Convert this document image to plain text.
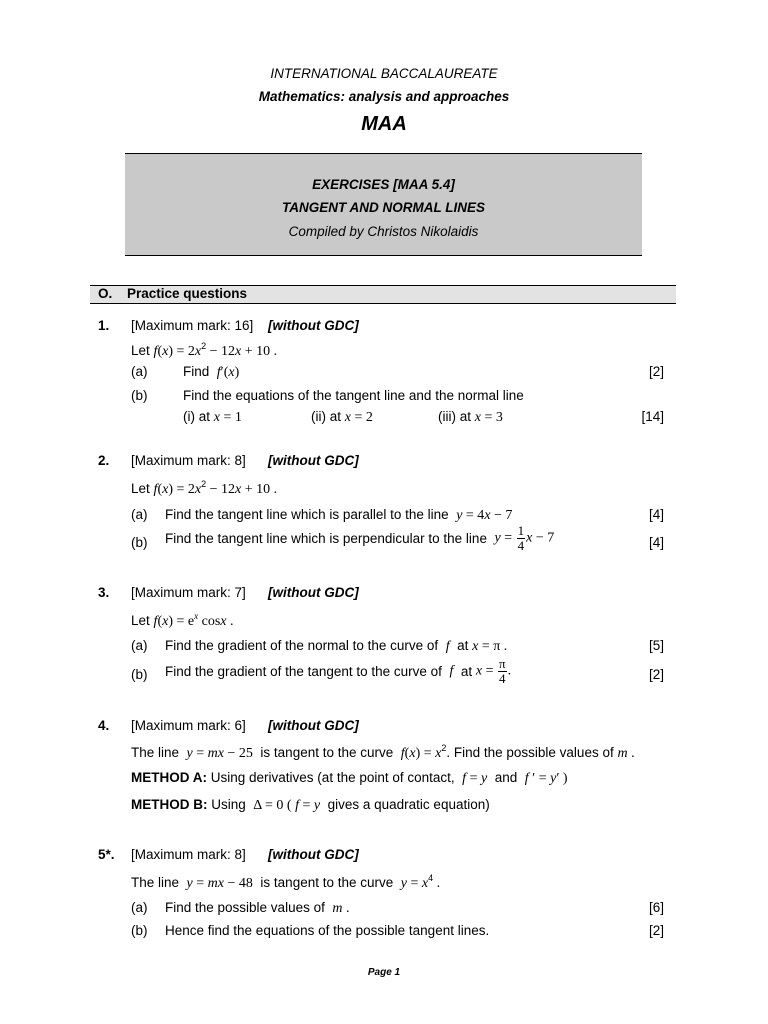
INTERNATIONAL BACCALAUREATE
Mathematics: analysis and approaches
MAA
EXERCISES [MAA 5.4]
TANGENT AND NORMAL LINES
Compiled by Christos Nikolaidis
O. Practice questions
1. [Maximum mark: 16] [without GDC]
Let $f(x) = 2x^2 - 12x + 10$ .
(a)	Find f′(x)	[2]
(b)	Find the equations of the tangent line and the normal line
(i) at x = 1	(ii) at x = 2	(iii) at x = 3	[14]
2. [Maximum mark: 8] [without GDC]
Let $f(x) = 2x^2 - 12x + 10$ .
(a) Find the tangent line which is parallel to the line y = 4x − 7	[4]
(b) Find the tangent line which is perpendicular to the line $y = \frac{1}{4}$ x − 7	[4]
3. [Maximum mark: 7] [without GDC]
Let $f(x) = e^x$ cosx .
(a) Find the gradient of the normal to the curve of f at x = π .	[5]
(b) Find the gradient of the tangent to the curve of f at $x = \frac{\pi}{4}$ .	[2]
4. [Maximum mark: 6] [without GDC]
The line y = mx − 25 is tangent to the curve $f(x) = x^2$. Find the possible values of m .
METHOD A: Using derivatives (at the point of contact, f = y and f ′ = y′ )
METHOD B: Using Δ = 0 ( f = y gives a quadratic equation)
5*. [Maximum mark: 8] [without GDC]
The line y = mx − 48 is tangent to the curve $y = x^4$ .
(a) Find the possible values of m .	[6]
(b) Hence find the equations of the possible tangent lines.	[2]
Page 1
